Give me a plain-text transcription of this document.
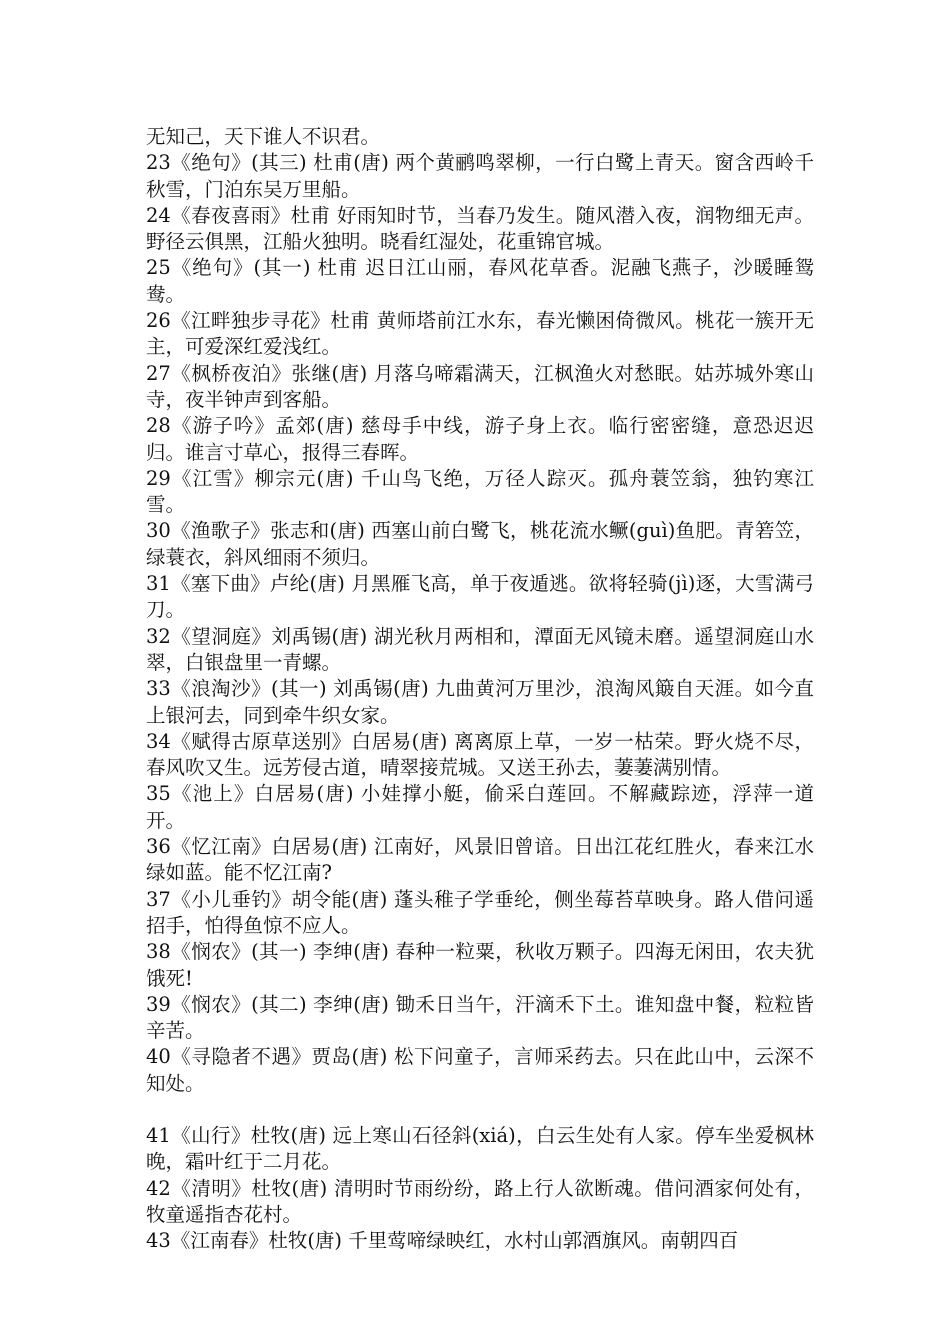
无知己，天下谁人不识君。

23《绝句》(其三) 杜甫(唐) 两个黄鹂鸣翠柳，一行白鹭上青天。窗含西岭千秋雪，门泊东吴万里船。

24《春夜喜雨》杜甫 好雨知时节，当春乃发生。随风潜入夜，润物细无声。野径云俱黑，江船火独明。晓看红湿处，花重锦官城。

25《绝句》(其一) 杜甫 迟日江山丽，春风花草香。泥融飞燕子，沙暖睡鸳鸯。

26《江畔独步寻花》杜甫 黄师塔前江水东，春光懒困倚微风。桃花一簇开无主，可爱深红爱浅红。

27《枫桥夜泊》张继(唐) 月落乌啼霜满天，江枫渔火对愁眠。姑苏城外寒山寺，夜半钟声到客船。

28《游子吟》孟郊(唐) 慈母手中线，游子身上衣。临行密密缝，意恐迟迟归。谁言寸草心，报得三春晖。

29《江雪》柳宗元(唐) 千山鸟飞绝，万径人踪灭。孤舟蓑笠翁，独钓寒江雪。

30《渔歌子》张志和(唐) 西塞山前白鹭飞，桃花流水鳜(guì)鱼肥。青箬笠，绿蓑衣，斜风细雨不须归。

31《塞下曲》卢纶(唐) 月黑雁飞高，单于夜遁逃。欲将轻骑(jì)逐，大雪满弓刀。

32《望洞庭》刘禹锡(唐) 湖光秋月两相和，潭面无风镜未磨。遥望洞庭山水翠，白银盘里一青螺。

33《浪淘沙》(其一) 刘禹锡(唐) 九曲黄河万里沙，浪淘风簸自天涯。如今直上银河去，同到牵牛织女家。

34《赋得古原草送别》白居易(唐) 离离原上草，一岁一枯荣。野火烧不尽，春风吹又生。远芳侵古道，晴翠接荒城。又送王孙去，萋萋满别情。

35《池上》白居易(唐) 小娃撑小艇，偷采白莲回。不解藏踪迹，浮萍一道开。

36《忆江南》白居易(唐) 江南好，风景旧曾谙。日出江花红胜火，春来江水绿如蓝。能不忆江南?

37《小儿垂钓》胡令能(唐) 蓬头稚子学垂纶，侧坐莓苔草映身。路人借问遥招手，怕得鱼惊不应人。

38《悯农》(其一) 李绅(唐) 春种一粒粟，秋收万颗子。四海无闲田，农夫犹饿死!

39《悯农》(其二) 李绅(唐) 锄禾日当午，汗滴禾下土。谁知盘中餐，粒粒皆辛苦。

40《寻隐者不遇》贾岛(唐) 松下问童子，言师采药去。只在此山中，云深不知处。

41《山行》杜牧(唐) 远上寒山石径斜(xiá)，白云生处有人家。停车坐爱枫林晚，霜叶红于二月花。

42《清明》杜牧(唐) 清明时节雨纷纷，路上行人欲断魂。借问酒家何处有，牧童遥指杏花村。

43《江南春》杜牧(唐) 千里莺啼绿映红，水村山郭酒旗风。南朝四百
